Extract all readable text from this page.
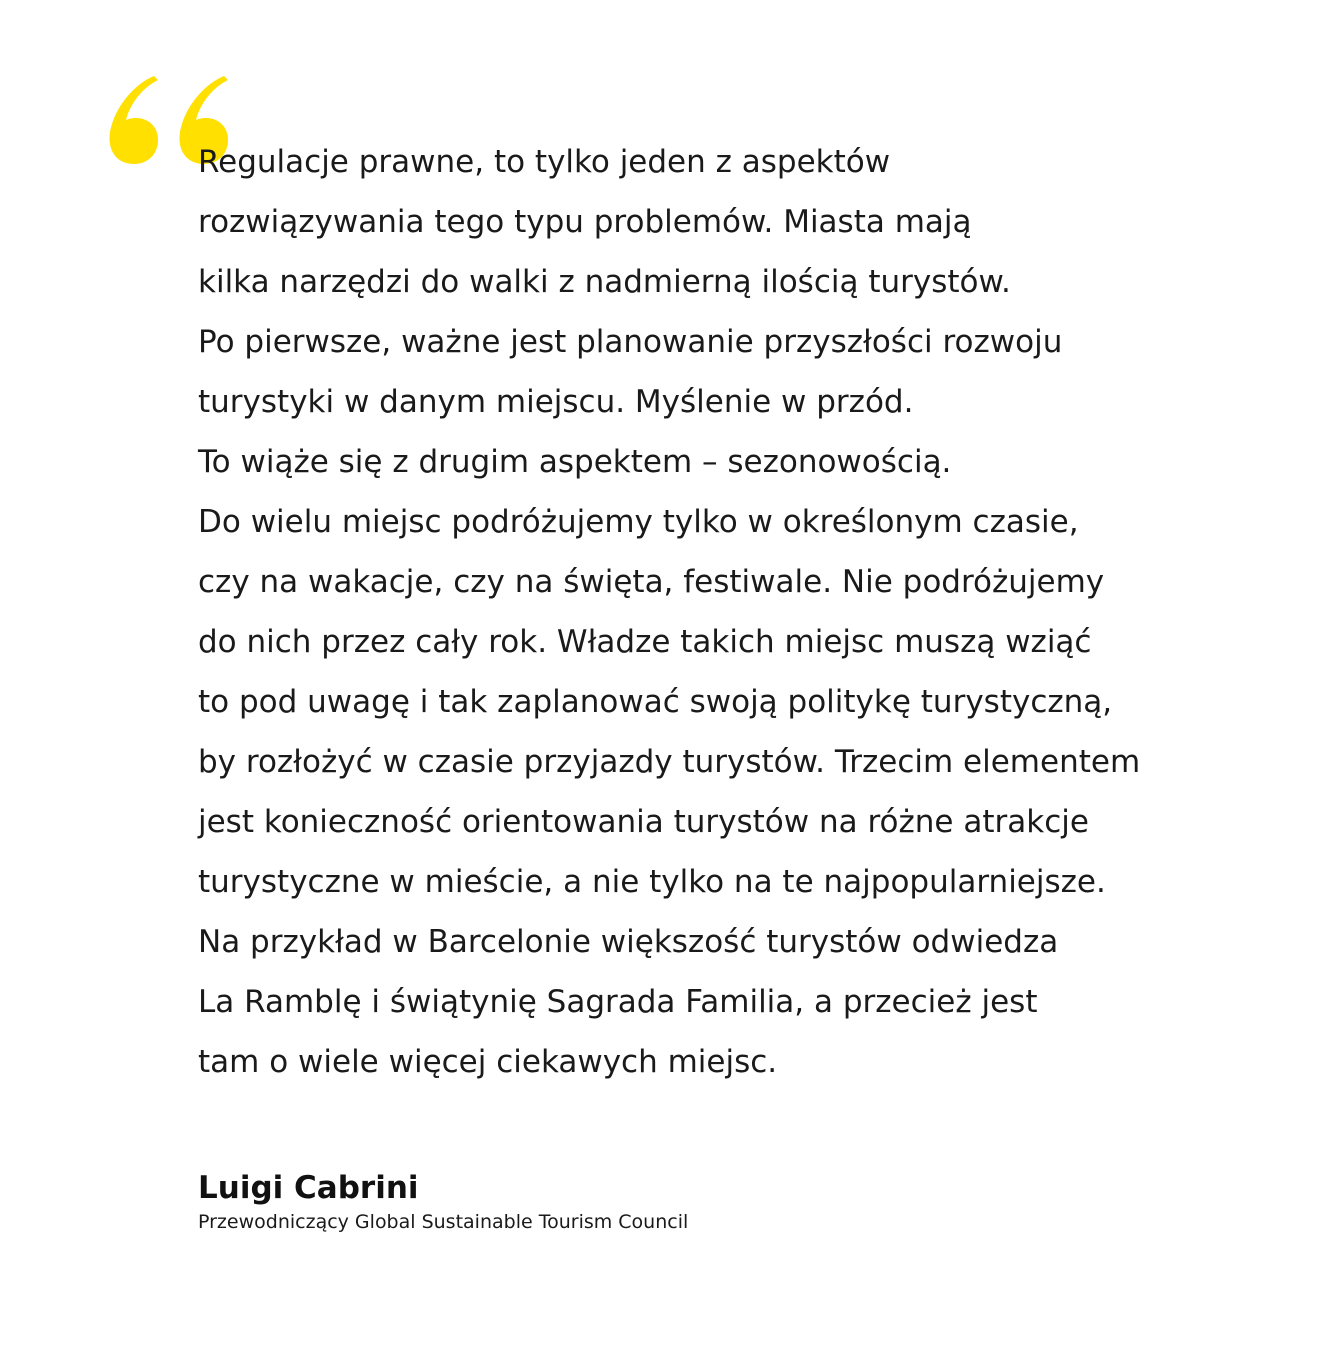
Regulacje prawne, to tylko jeden z aspektów
rozwiązywania tego typu problemów. Miasta mają
kilka narzędzi do walki z nadmierną ilością turystów.
Po pierwsze, ważne jest planowanie przyszłości rozwoju
turystyki w danym miejscu. Myślenie w przód.
To wiąże się z drugim aspektem – sezonowością.
Do wielu miejsc podróżujemy tylko w określonym czasie,
czy na wakacje, czy na święta, festiwale. Nie podróżujemy
do nich przez cały rok. Władze takich miejsc muszą wziąć
to pod uwagę i tak zaplanować swoją politykę turystyczną,
by rozłożyć w czasie przyjazdy turystów. Trzecim elementem
jest konieczność orientowania turystów na różne atrakcje
turystyczne w mieście, a nie tylko na te najpopularniejsze.
Na przykład w Barcelonie większość turystów odwiedza
La Ramblę i świątynię Sagrada Familia, a przecież jest
tam o wiele więcej ciekawych miejsc.
Luigi Cabrini
Przewodniczący Global Sustainable Tourism Council
